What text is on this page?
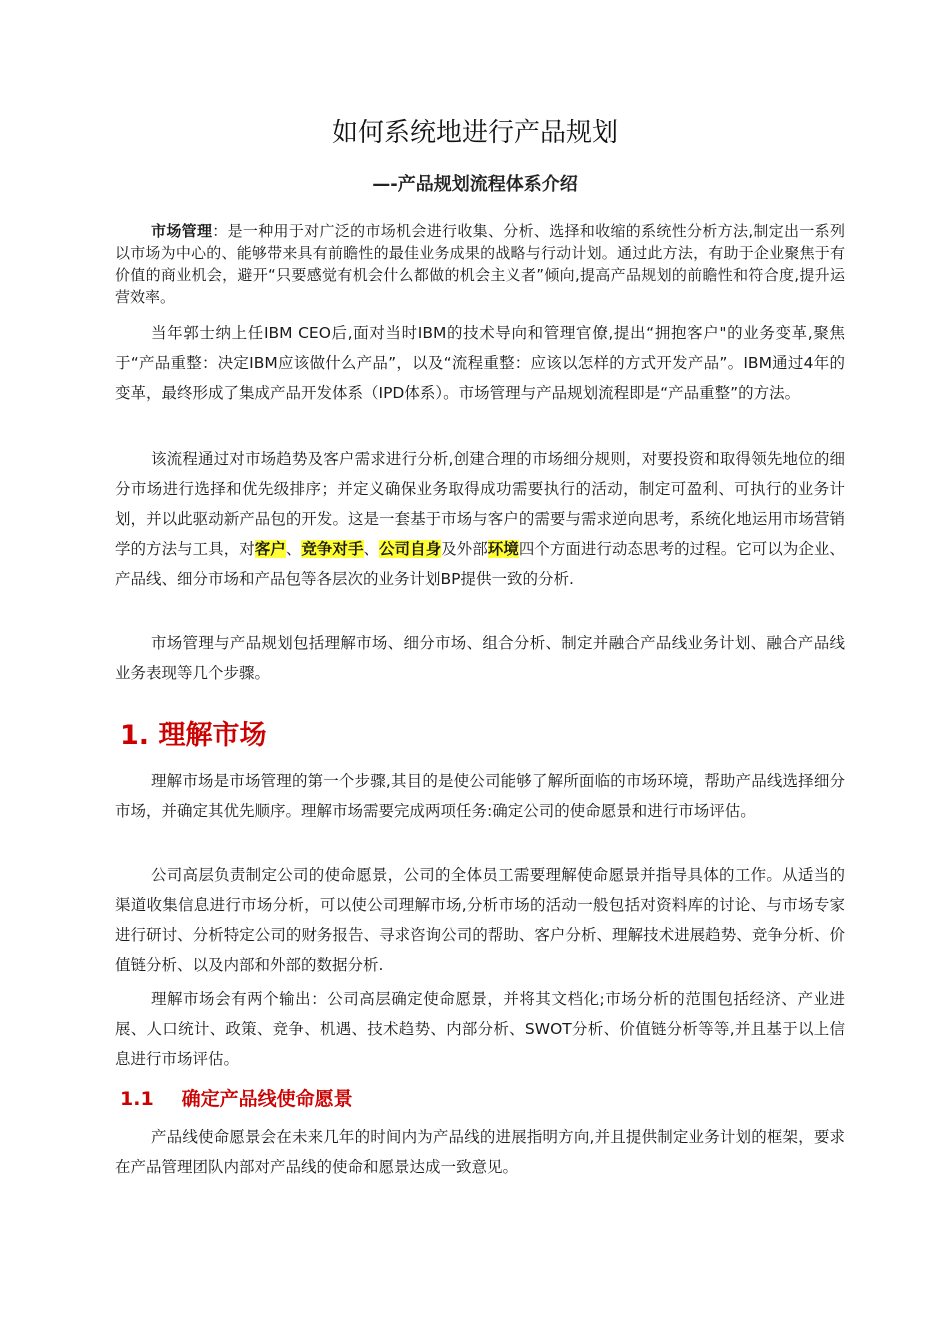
如何系统地进行产品规划
—-产品规划流程体系介绍

市场管理：是一种用于对广泛的市场机会进行收集、分析、选择和收缩的系统性分析方法,制定出一系列以市场为中心的、能够带来具有前瞻性的最佳业务成果的战略与行动计划。通过此方法，有助于企业聚焦于有价值的商业机会，避开“只要感觉有机会什么都做的机会主义者”倾向,提高产品规划的前瞻性和符合度,提升运营效率。

当年郭士纳上任IBM CEO后,面对当时IBM的技术导向和管理官僚,提出“拥抱客户"的业务变革,聚焦于“产品重整：决定IBM应该做什么产品”，以及“流程重整：应该以怎样的方式开发产品”。IBM通过4年的变革，最终形成了集成产品开发体系（IPD体系）。市场管理与产品规划流程即是“产品重整”的方法。

该流程通过对市场趋势及客户需求进行分析,创建合理的市场细分规则，对要投资和取得领先地位的细分市场进行选择和优先级排序；并定义确保业务取得成功需要执行的活动，制定可盈利、可执行的业务计划，并以此驱动新产品包的开发。这是一套基于市场与客户的需要与需求逆向思考，系统化地运用市场营销学的方法与工具，对客户、竞争对手、公司自身及外部环境四个方面进行动态思考的过程。它可以为企业、产品线、细分市场和产品包等各层次的业务计划BP提供一致的分析.

市场管理与产品规划包括理解市场、细分市场、组合分析、制定并融合产品线业务计划、融合产品线业务表现等几个步骤。

1. 理解市场

理解市场是市场管理的第一个步骤,其目的是使公司能够了解所面临的市场环境，帮助产品线选择细分市场，并确定其优先顺序。理解市场需要完成两项任务:确定公司的使命愿景和进行市场评估。

公司高层负责制定公司的使命愿景，公司的全体员工需要理解使命愿景并指导具体的工作。从适当的渠道收集信息进行市场分析，可以使公司理解市场,分析市场的活动一般包括对资料库的讨论、与市场专家进行研讨、分析特定公司的财务报告、寻求咨询公司的帮助、客户分析、理解技术进展趋势、竞争分析、价值链分析、以及内部和外部的数据分析.

理解市场会有两个输出：公司高层确定使命愿景，并将其文档化;市场分析的范围包括经济、产业进展、人口统计、政策、竞争、机遇、技术趋势、内部分析、SWOT分析、价值链分析等等,并且基于以上信息进行市场评估。

1.1 确定产品线使命愿景

产品线使命愿景会在未来几年的时间内为产品线的进展指明方向,并且提供制定业务计划的框架，要求在产品管理团队内部对产品线的使命和愿景达成一致意见。
